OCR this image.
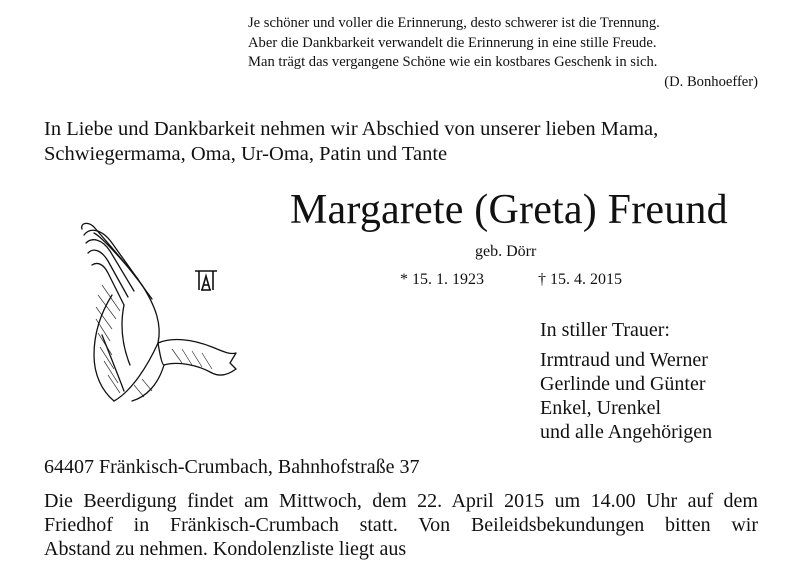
Je schöner und voller die Erinnerung, desto schwerer ist die Trennung.
Aber die Dankbarkeit verwandelt die Erinnerung in eine stille Freude.
Man trägt das vergangene Schöne wie ein kostbares Geschenk in sich.
(D. Bonhoeffer)
In Liebe und Dankbarkeit nehmen wir Abschied von unserer lieben Mama,
Schwiegermama, Oma, Ur-Oma, Patin und Tante
Margarete (Greta) Freund
geb. Dörr
* 15. 1. 1923	† 15. 4. 2015
In stiller Trauer:
Irmtraud und Werner
Gerlinde und Günter
Enkel, Urenkel
und alle Angehörigen
64407 Fränkisch-Crumbach, Bahnhofstraße 37
Die Beerdigung findet am Mittwoch, dem 22. April 2015 um 14.00 Uhr auf dem
Friedhof in Fränkisch-Crumbach statt. Von Beileidsbekundungen bitten wir
Abstand zu nehmen. Kondolenzliste liegt aus
